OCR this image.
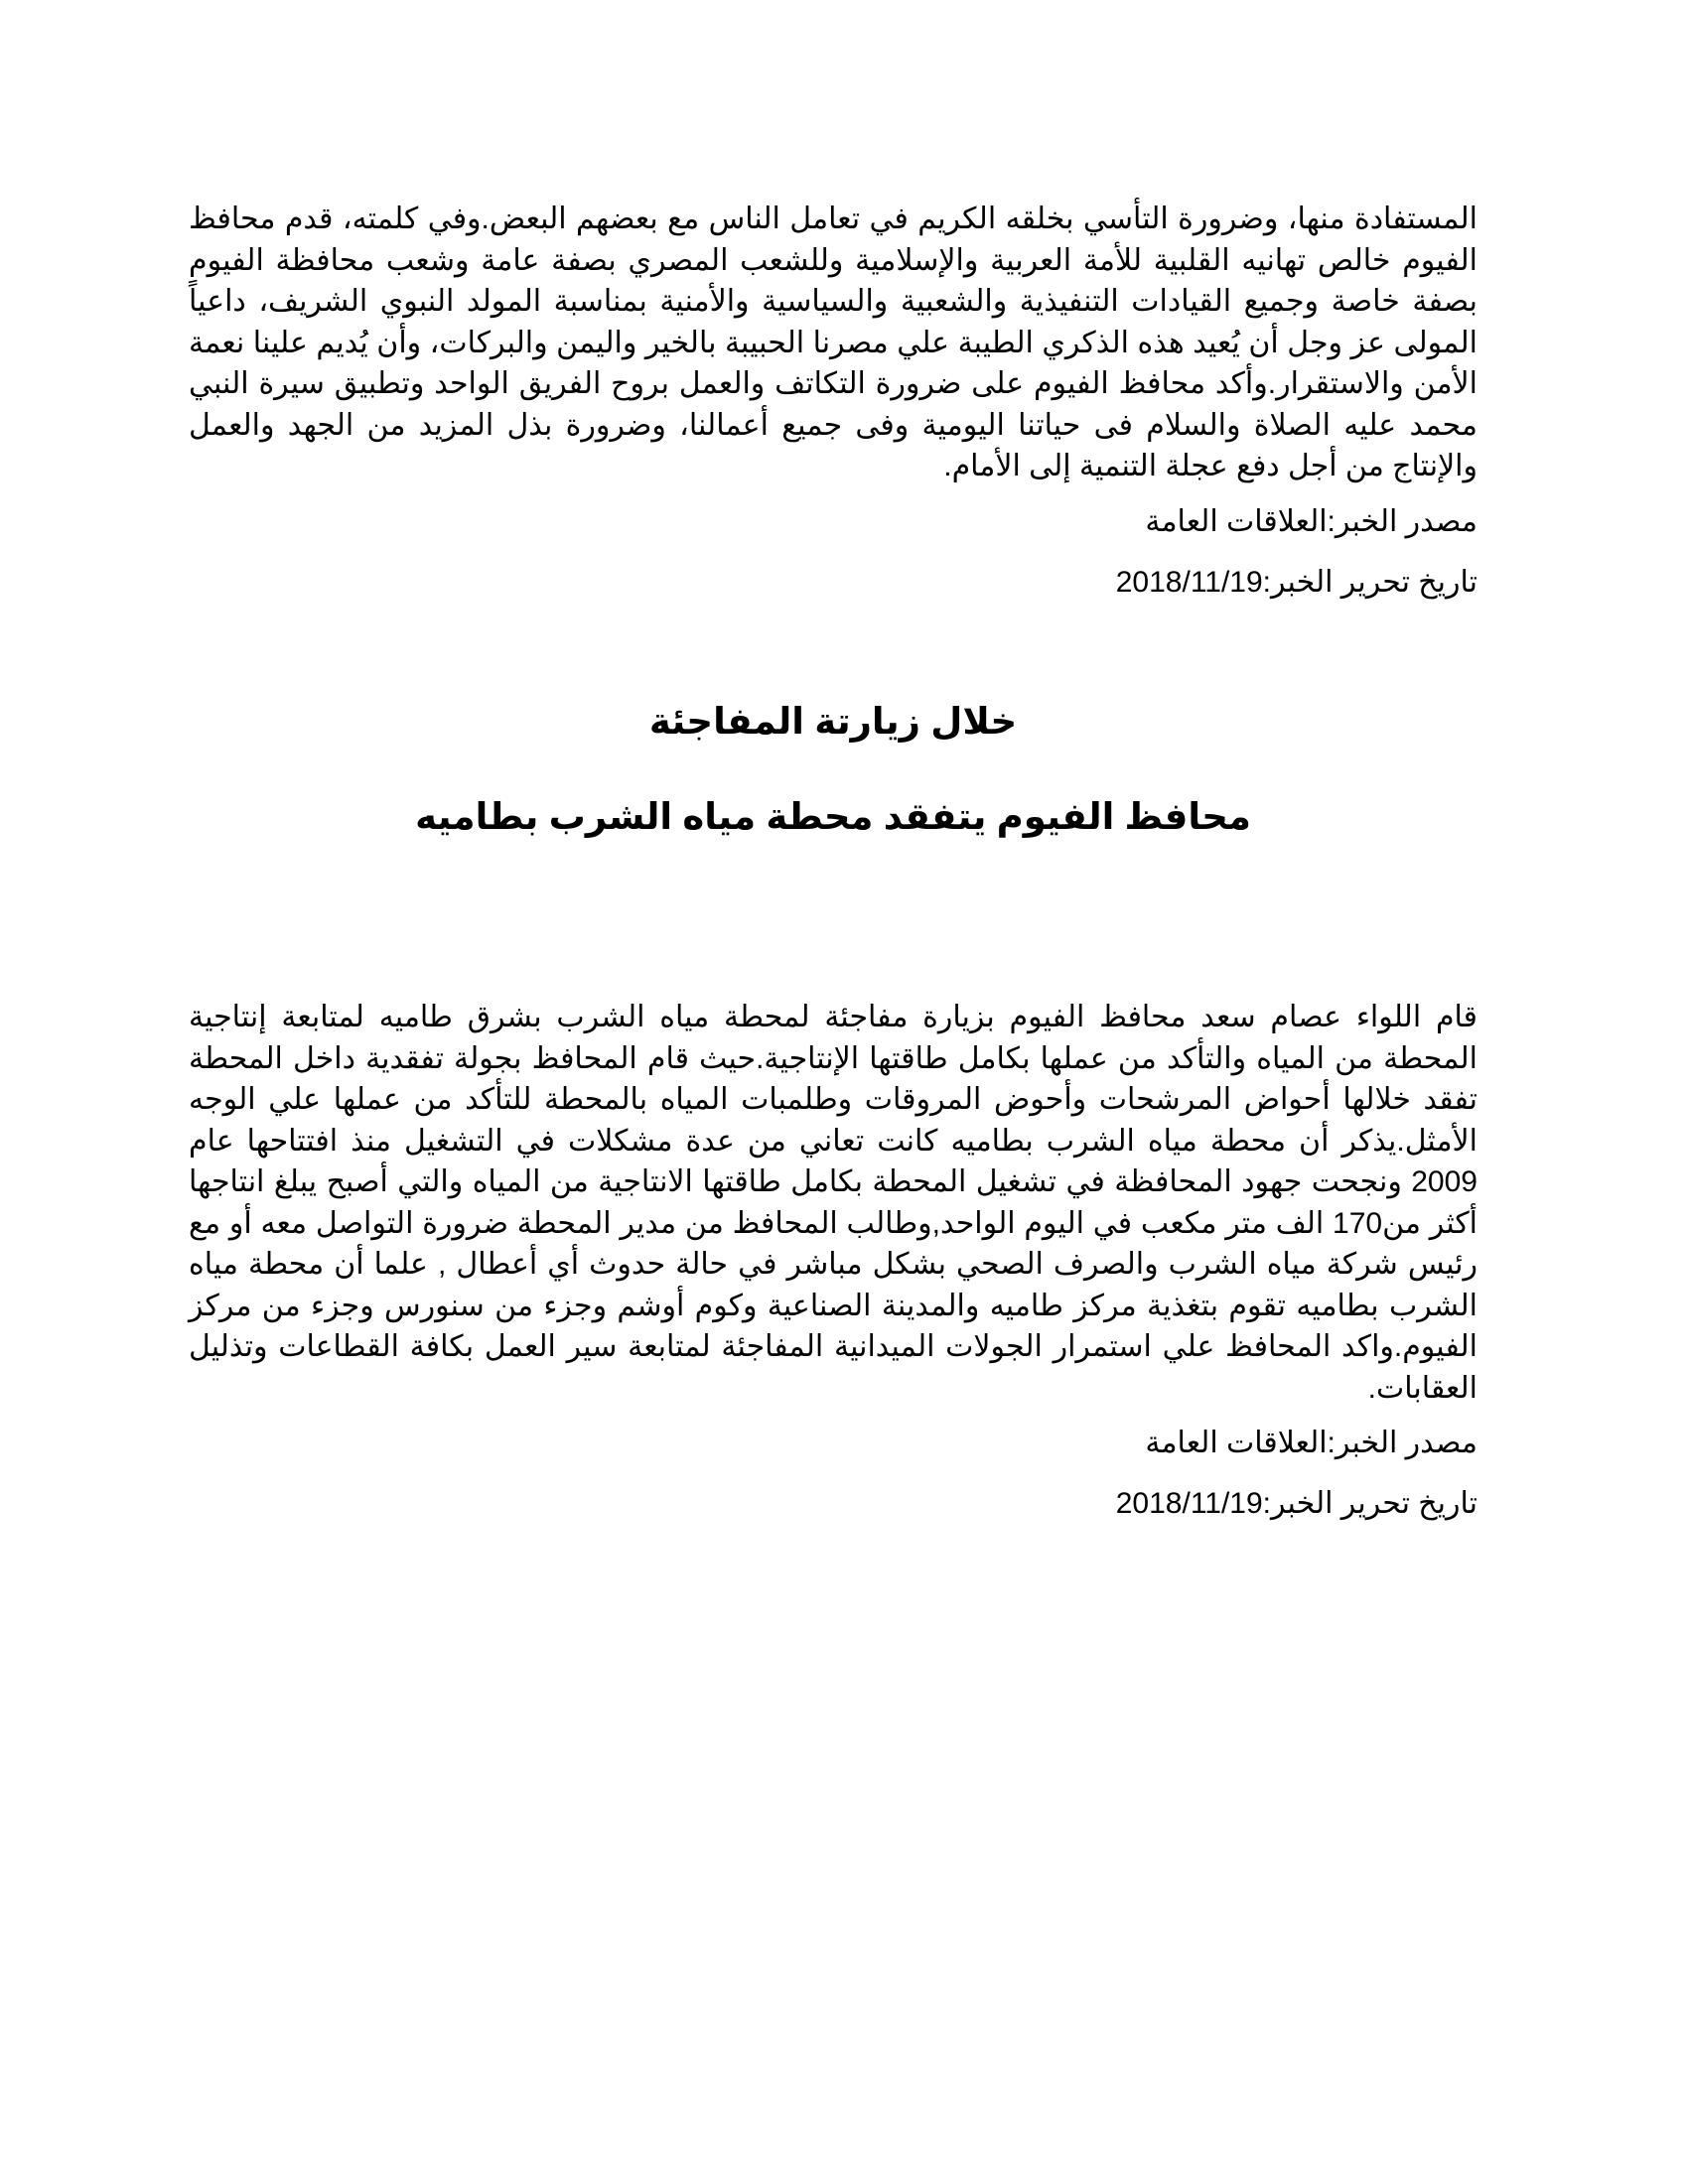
المستفادة منها، وضرورة التأسي بخلقه الكريم في تعامل الناس مع بعضهم البعض.وفي كلمته، قدم محافظ الفيوم خالص تهانيه القلبية للأمة العربية والإسلامية وللشعب المصري بصفة عامة وشعب محافظة الفيوم بصفة خاصة وجميع القيادات التنفيذية والشعبية والسياسية والأمنية بمناسبة المولد النبوي الشريف، داعياً المولى عز وجل أن يُعيد هذه الذكري الطيبة علي مصرنا الحبيبة بالخير واليمن والبركات، وأن يُديم علينا نعمة الأمن والاستقرار.وأكد محافظ الفيوم على ضرورة التكاتف والعمل بروح الفريق الواحد وتطبيق سيرة النبي محمد عليه الصلاة والسلام فى حياتنا اليومية وفى جميع أعمالنا، وضرورة بذل المزيد من الجهد والعمل والإنتاج من أجل دفع عجلة التنمية إلى الأمام.

مصدر الخبر:العلاقات العامة

تاريخ تحرير الخبر:2018/11/19

خلال زيارتة المفاجئة
محافظ الفيوم يتفقد محطة مياه الشرب بطاميه

قام اللواء عصام سعد محافظ الفيوم بزيارة مفاجئة لمحطة مياه الشرب بشرق طاميه لمتابعة إنتاجية المحطة من المياه والتأكد من عملها بكامل طاقتها الإنتاجية.حيث قام المحافظ بجولة تفقدية داخل المحطة تفقد خلالها أحواض المرشحات وأحوض المروقات وطلمبات المياه بالمحطة للتأكد من عملها علي الوجه الأمثل.يذكر أن محطة مياه الشرب بطاميه كانت تعاني من عدة مشكلات في التشغيل منذ افتتاحها عام 2009 ونجحت جهود المحافظة في تشغيل المحطة بكامل طاقتها الانتاجية من المياه والتي أصبح يبلغ انتاجها أكثر من170 الف متر مكعب في اليوم الواحد,وطالب المحافظ من مدير المحطة ضرورة التواصل معه أو مع رئيس شركة مياه الشرب والصرف الصحي بشكل مباشر في حالة حدوث أي أعطال , علما أن محطة مياه الشرب بطاميه تقوم بتغذية مركز طاميه والمدينة الصناعية وكوم أوشم وجزء من سنورس وجزء من مركز الفيوم.واكد المحافظ علي استمرار الجولات الميدانية المفاجئة لمتابعة سير العمل بكافة القطاعات وتذليل العقابات.

مصدر الخبر:العلاقات العامة

تاريخ تحرير الخبر:2018/11/19
